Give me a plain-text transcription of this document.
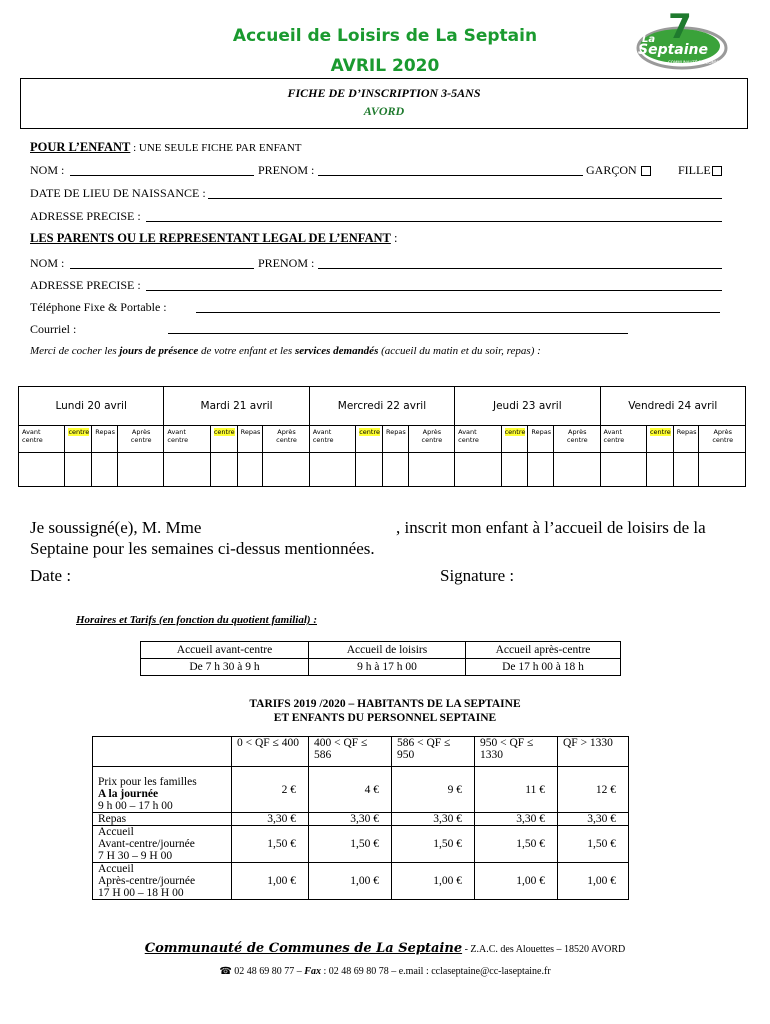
Accueil de Loisirs de La Septain
AVRIL 2020
7
La
Septaine
COMMUNAUTÉ DE COMMUNES
FICHE DE D’INSCRIPTION 3-5ANS
AVORD
POUR L’ENFANT : UNE SEULE FICHE PAR ENFANT
NOM :	PRENOM :	GARÇON	FILLE
DATE DE LIEU DE NAISSANCE :
ADRESSE PRECISE :
LES PARENTS OU LE REPRESENTANT LEGAL DE L’ENFANT :
NOM :	PRENOM :
ADRESSE PRECISE :
Téléphone Fixe & Portable :
Courriel :
Merci de cocher les jours de présence de votre enfant et les services demandés (accueil du matin et du soir, repas) :
Lundi 20 avril				Mardi 21 avril				Mercredi 22 avril				Jeudi 23 avril				Vendredi 24 avril			
Avant centre	centre	Repas	Après centre	Avant centre	centre	Repas	Après centre	Avant centre	centre	Repas	Après centre	Avant centre	centre	Repas	Après centre	Avant centre	centre	Repas	Après centre

Je soussigné(e), M. Mme	, inscrit mon enfant à l’accueil de loisirs de la
Septaine pour les semaines ci-dessus mentionnées.
Date :	Signature :
Horaires et Tarifs (en fonction du quotient familial) :
Accueil avant-centre	Accueil de loisirs	Accueil après-centre
De 7 h 30 à 9 h	9 h à 17 h 00	De 17 h 00 à 18 h
TARIFS 2019 /2020 – HABITANTS DE LA SEPTAINE
ET ENFANTS DU PERSONNEL SEPTAINE
	0 < QF ≤ 400	400 < QF ≤ 586	586 < QF ≤ 950	950 < QF ≤ 1330	QF > 1330

Prix pour les familles
A la journée
9 h 00 – 17 h 00	2 €	4 €	9 €	11 €	12 €

Repas	3,30 €	3,30 €	3,30 €	3,30 €	3,30 €

Accueil
Avant-centre/journée
7 H 30 – 9 H 00	1,50 €	1,50 €	1,50 €	1,50 €	1,50 €

Accueil
Après-centre/journée
17 H 00 – 18 H 00	1,00 €	1,00 €	1,00 €	1,00 €	1,00 €
Communauté de Communes de La Septaine - Z.A.C. des Alouettes – 18520 AVORD
☎ 02 48 69 80 77 – Fax : 02 48 69 80 78 – e.mail : cclaseptaine@cc-laseptaine.fr
